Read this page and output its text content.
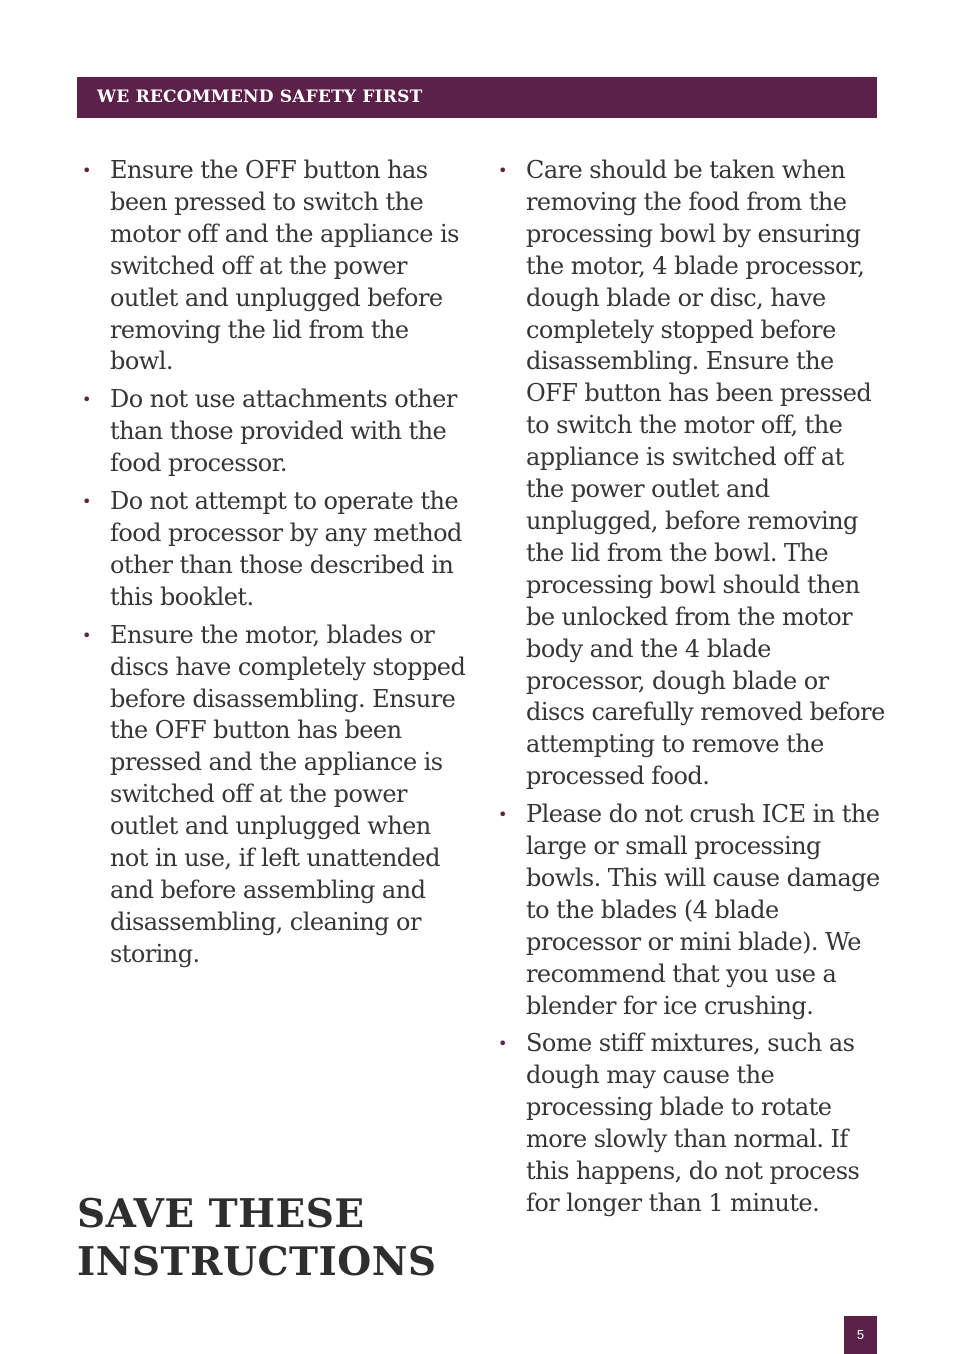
WE RECOMMEND SAFETY FIRST
• Ensure the OFF button has been pressed to switch the motor off and the appliance is switched off at the power outlet and unplugged before removing the lid from the bowl.
• Do not use attachments other than those provided with the food processor.
• Do not attempt to operate the food processor by any method other than those described in this booklet.
• Ensure the motor, blades or discs have completely stopped before disassembling. Ensure the OFF button has been pressed and the appliance is switched off at the power outlet and unplugged when not in use, if left unattended and before assembling and disassembling, cleaning or storing.
• Care should be taken when removing the food from the processing bowl by ensuring the motor, 4 blade processor, dough blade or disc, have completely stopped before disassembling. Ensure the OFF button has been pressed to switch the motor off, the appliance is switched off at the power outlet and unplugged, before removing the lid from the bowl. The processing bowl should then be unlocked from the motor body and the 4 blade processor, dough blade or discs carefully removed before attempting to remove the processed food.
• Please do not crush ICE in the large or small processing bowls. This will cause damage to the blades (4 blade processor or mini blade). We recommend that you use a blender for ice crushing.
• Some stiff mixtures, such as dough may cause the processing blade to rotate more slowly than normal. If this happens, do not process for longer than 1 minute.
SAVE THESE
INSTRUCTIONS
5
